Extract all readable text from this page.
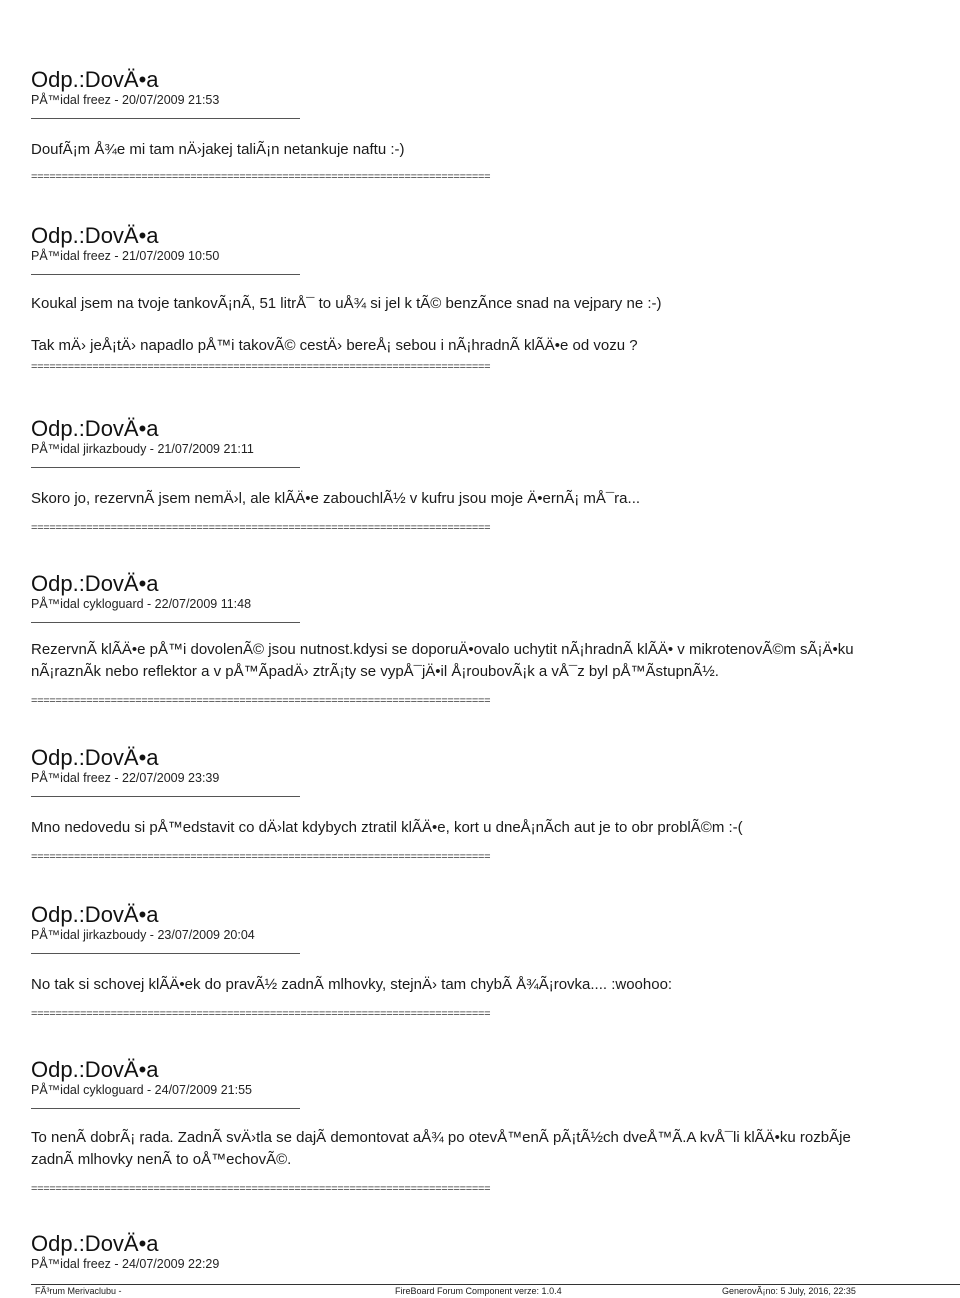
Odp.:DovÄ•a
PÅ™idal freez - 20/07/2009 21:53

DoufÃ¡m Å¾e mi tam nÄ›jakej taliÃ¡n netankuje naftu :-)

===========================================================================
Odp.:DovÄ•a
PÅ™idal freez - 21/07/2009 10:50

Koukal jsem na tvoje tankovÃ¡nÃ, 51 litrÅ¯ to uÅ¾ si jel k tÃ© benzÃnce snad na vejpary ne :-)

Tak mÄ› jeÅ¡tÄ› napadlo pÅ™i takovÃ© cestÄ› bereÅ¡ sebou i nÃ¡hradnÃ klÃÄ•e od vozu ?

===========================================================================
Odp.:DovÄ•a
PÅ™idal jirkazboudy - 21/07/2009 21:11

Skoro jo, rezervnÃ jsem nemÄ›l, ale klÃÄ•e zabouchlÃ½ v kufru jsou moje Ä•ernÃ¡ mÅ¯ra...

===========================================================================
Odp.:DovÄ•a
PÅ™idal cykloguard - 22/07/2009 11:48

RezervnÃ klÃÄ•e pÅ™i dovolenÃ© jsou nutnost.kdysi se doporuÄ•ovalo uchytit nÃ¡hradnÃ klÃÄ• v mikrotenovÃ©m sÃ¡Ä•ku

nÃ¡raznÃk nebo reflektor a v pÅ™ÃpadÄ› ztrÃ¡ty se vypÅ¯jÄ•il Å¡roubovÃ¡k a vÅ¯z byl pÅ™ÃstupnÃ½.

===========================================================================
Odp.:DovÄ•a
PÅ™idal freez - 22/07/2009 23:39

Mno nedovedu si pÅ™edstavit co dÄ›lat kdybych ztratil klÃÄ•e, kort u dneÅ¡nÃch aut je to obr problÃ©m :-(

===========================================================================
Odp.:DovÄ•a
PÅ™idal jirkazboudy - 23/07/2009 20:04

No tak si schovej klÃÄ•ek do pravÃ½ zadnÃ mlhovky, stejnÄ› tam chybÃ Å¾Ã¡rovka.... :woohoo:

===========================================================================
Odp.:DovÄ•a
PÅ™idal cykloguard - 24/07/2009 21:55

To nenÃ dobrÃ¡ rada. ZadnÃ svÄ›tla se dajÃ demontovat aÅ¾ po otevÅ™enÃ pÃ¡tÃ½ch dveÅ™Ã.A kvÅ¯li klÃÄ•ku rozbÃje

zadnÃ mlhovky nenÃ to oÅ™echovÃ©.

===========================================================================
Odp.:DovÄ•a
PÅ™idal freez - 24/07/2009 22:29
FÃ³rum Merivaclubu -	FireBoard Forum Component verze: 1.0.4	GenerovÃ¡no: 5 July, 2016, 22:35
